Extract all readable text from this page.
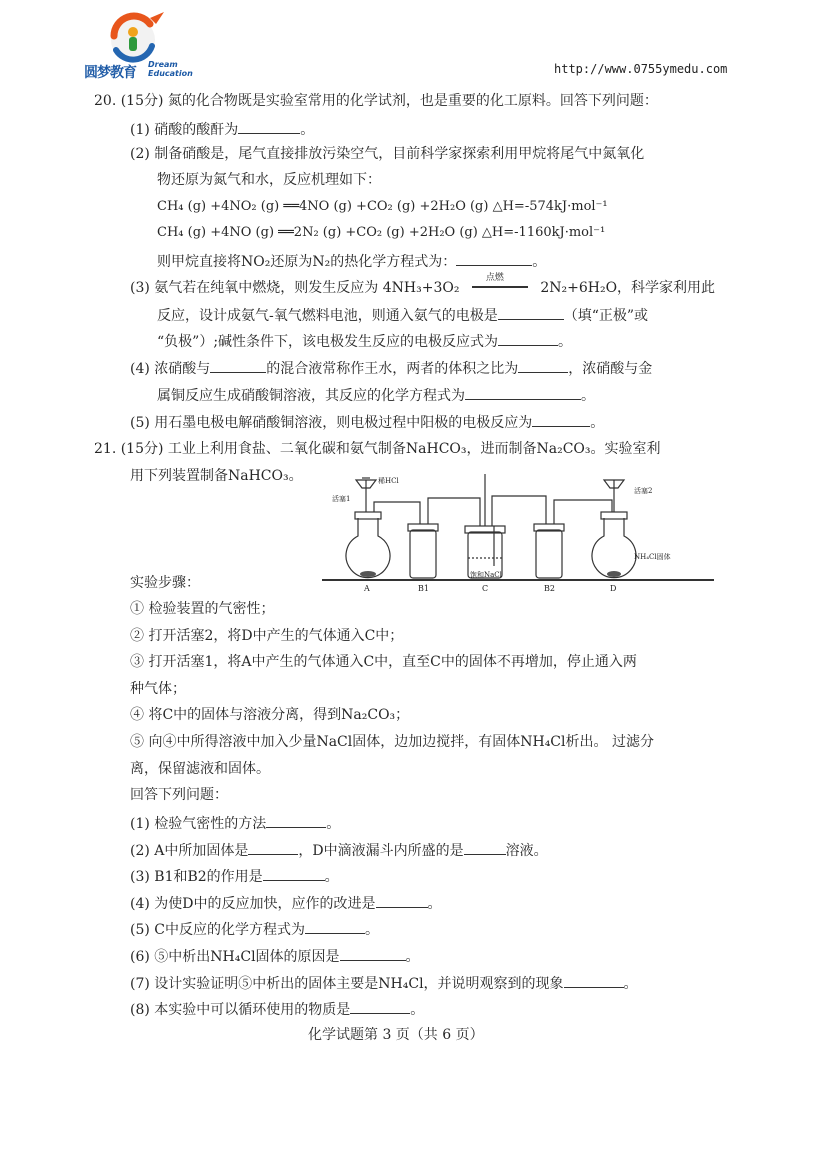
圆梦教育
Dream
Education	http://www.0755ymedu.com
20. (15分) 氮的化合物既是实验室常用的化学试剂，也是重要的化工原料。回答下列问题：
(1) 硝酸的酸酐为	。
(2) 制备硝酸是，尾气直接排放污染空气，目前科学家探索利用甲烷将尾气中氮氧化
物还原为氮气和水，反应机理如下：
CH₄ (g) +4NO₂ (g) ══4NO (g) +CO₂ (g) +2H₂O (g) △H=-574kJ·mol⁻¹
CH₄ (g) +4NO (g) ══2N₂ (g) +CO₂ (g) +2H₂O (g) △H=-1160kJ·mol⁻¹
则甲烷直接将NO₂还原为N₂的热化学方程式为：	。
(3) 氨气若在纯氧中燃烧，则发生反应为 4NH₃+3O₂
点燃
2N₂+6H₂O，科学家利用此
反应，设计成氨气-氧气燃料电池，则通入氨气的电极是	（填“正极”或
“负极”）;碱性条件下，该电极发生反应的电极反应式为	。
(4) 浓硝酸与	的混合液常称作王水，两者的体积之比为	，浓硝酸与金
属铜反应生成硝酸铜溶液，其反应的化学方程式为	。
(5) 用石墨电极电解硝酸铜溶液，则电极过程中阳极的电极反应为	。
21. (15分) 工业上利用食盐、二氧化碳和氨气制备NaHCO₃，进而制备Na₂CO₃。实验室利
用下列装置制备NaHCO₃。
A	B1	C	B2	D
活塞1
活塞2
稀HCl
NH₄Cl固体
饱和NaCl
实验步骤：
① 检验装置的气密性；
② 打开活塞2，将D中产生的气体通入C中；
③ 打开活塞1，将A中产生的气体通入C中，直至C中的固体不再增加，停止通入两
种气体；
④ 将C中的固体与溶液分离，得到Na₂CO₃；
⑤ 向④中所得溶液中加入少量NaCl固体，边加边搅拌，有固体NH₄Cl析出。 过滤分
离，保留滤液和固体。
回答下列问题：
(1) 检验气密性的方法	。
(2) A中所加固体是	，D中滴液漏斗内所盛的是	溶液。
(3) B1和B2的作用是	。
(4) 为使D中的反应加快，应作的改进是	。
(5) C中反应的化学方程式为	。
(6) ⑤中析出NH₄Cl固体的原因是	。
(7) 设计实验证明⑤中析出的固体主要是NH₄Cl，并说明观察到的现象	。
(8) 本实验中可以循环使用的物质是	。
化学试题第 3 页（共 6 页）
